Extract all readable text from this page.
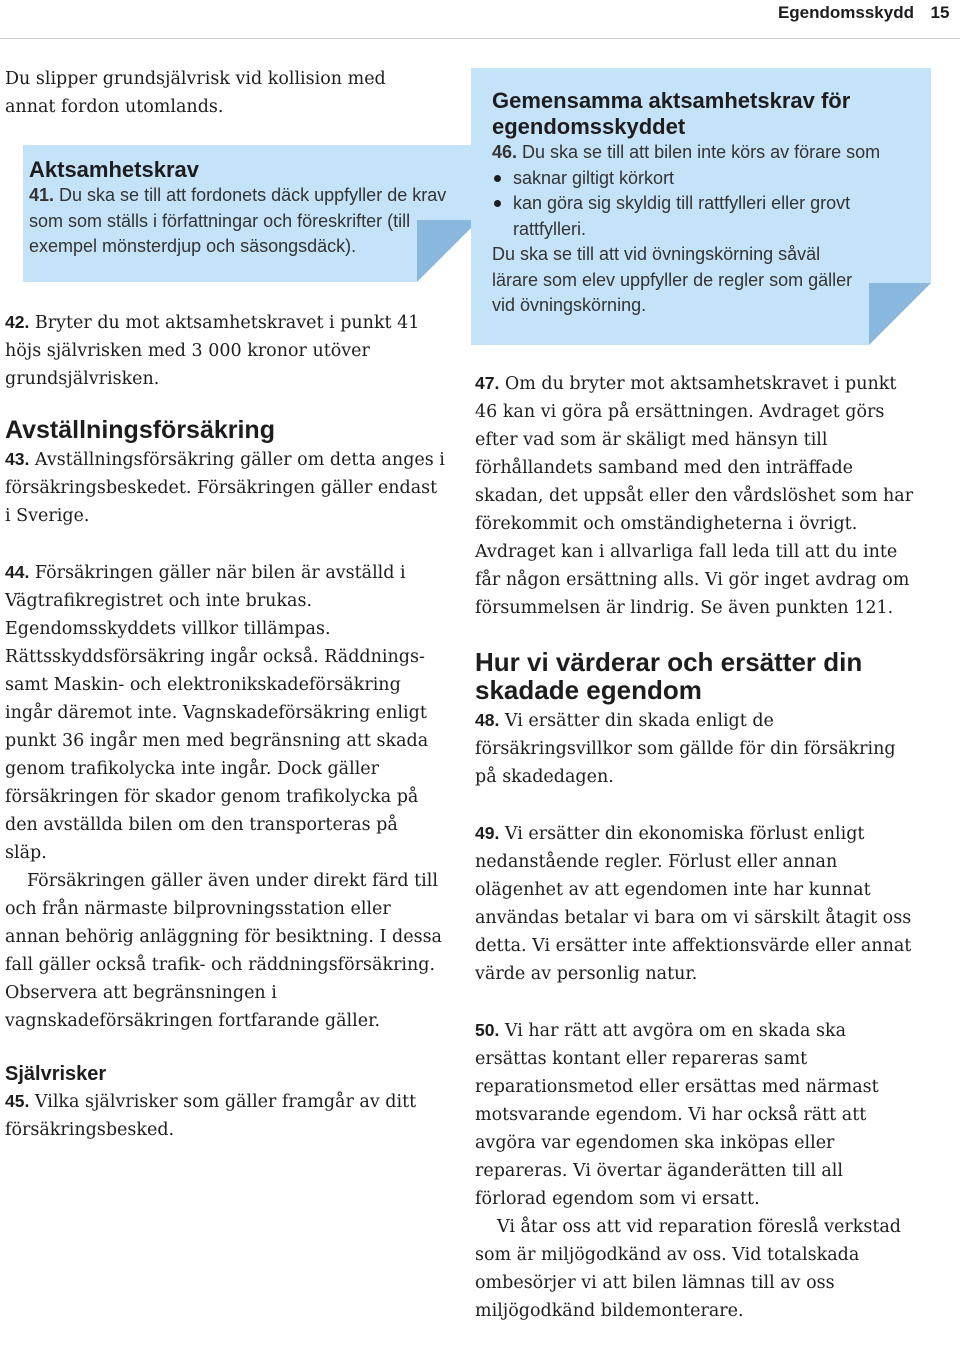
Egendomsskydd 15

Du slipper grundsjälvrisk vid kollision med annat fordon utomlands.

Aktsamhetskrav

41. Du ska se till att fordonets däck uppfyller de krav som som ställs i författningar och föreskrifter (till exempel mönsterdjup och säsongsdäck).

42. Bryter du mot aktsamhetskravet i punkt 41 höjs självrisken med 3 000 kronor utöver grundsjälvrisken.

Avställningsförsäkring

43. Avställningsförsäkring gäller om detta anges i försäkringsbeskedet. Försäkringen gäller endast i Sverige.

44. Försäkringen gäller när bilen är avställd i Vägtrafikregistret och inte brukas. Egendomsskyddets villkor tillämpas. Rättsskyddsförsäkring ingår också. Räddnings- samt Maskin- och elektronikskadeförsäkring ingår däremot inte. Vagnskadeförsäkring enligt punkt 36 ingår men med begränsning att skada genom trafikolycka inte ingår. Dock gäller försäkringen för skador genom trafikolycka på den avställda bilen om den transporteras på släp.

Försäkringen gäller även under direkt färd till och från närmaste bilprovningsstation eller annan behörig anläggning för besiktning. I dessa fall gäller också trafik- och räddningsförsäkring. Observera att begränsningen i vagnskadeförsäkringen fortfarande gäller.

Självrisker

45. Vilka självrisker som gäller framgår av ditt försäkringsbesked.

Gemensamma aktsamhetskrav för egendomsskyddet

46. Du ska se till att bilen inte körs av förare som

saknar giltigt körkort
kan göra sig skyldig till rattfylleri eller grovt rattfylleri.

Du ska se till att vid övningskörning såväl lärare som elev uppfyller de regler som gäller vid övningskörning.

47. Om du bryter mot aktsamhetskravet i punkt 46 kan vi göra på ersättningen. Avdraget görs efter vad som är skäligt med hänsyn till förhållandets samband med den inträffade skadan, det uppsåt eller den vårdslöshet som har förekommit och omständigheterna i övrigt. Avdraget kan i allvarliga fall leda till att du inte får någon ersättning alls. Vi gör inget avdrag om försummelsen är lindrig. Se även punkten 121.

Hur vi värderar och ersätter din skadade egendom

48. Vi ersätter din skada enligt de försäkringsvillkor som gällde för din försäkring på skadedagen.

49. Vi ersätter din ekonomiska förlust enligt nedanstående regler. Förlust eller annan olägenhet av att egendomen inte har kunnat användas betalar vi bara om vi särskilt åtagit oss detta. Vi ersätter inte affektionsvärde eller annat värde av personlig natur.

50. Vi har rätt att avgöra om en skada ska ersättas kontant eller repareras samt reparationsmetod eller ersättas med närmast motsvarande egendom. Vi har också rätt att avgöra var egendomen ska inköpas eller repareras. Vi övertar äganderätten till all förlorad egendom som vi ersatt.

Vi åtar oss att vid reparation föreslå verkstad som är miljögodkänd av oss. Vid totalskada ombesörjer vi att bilen lämnas till av oss miljögodkänd bildemonterare.
